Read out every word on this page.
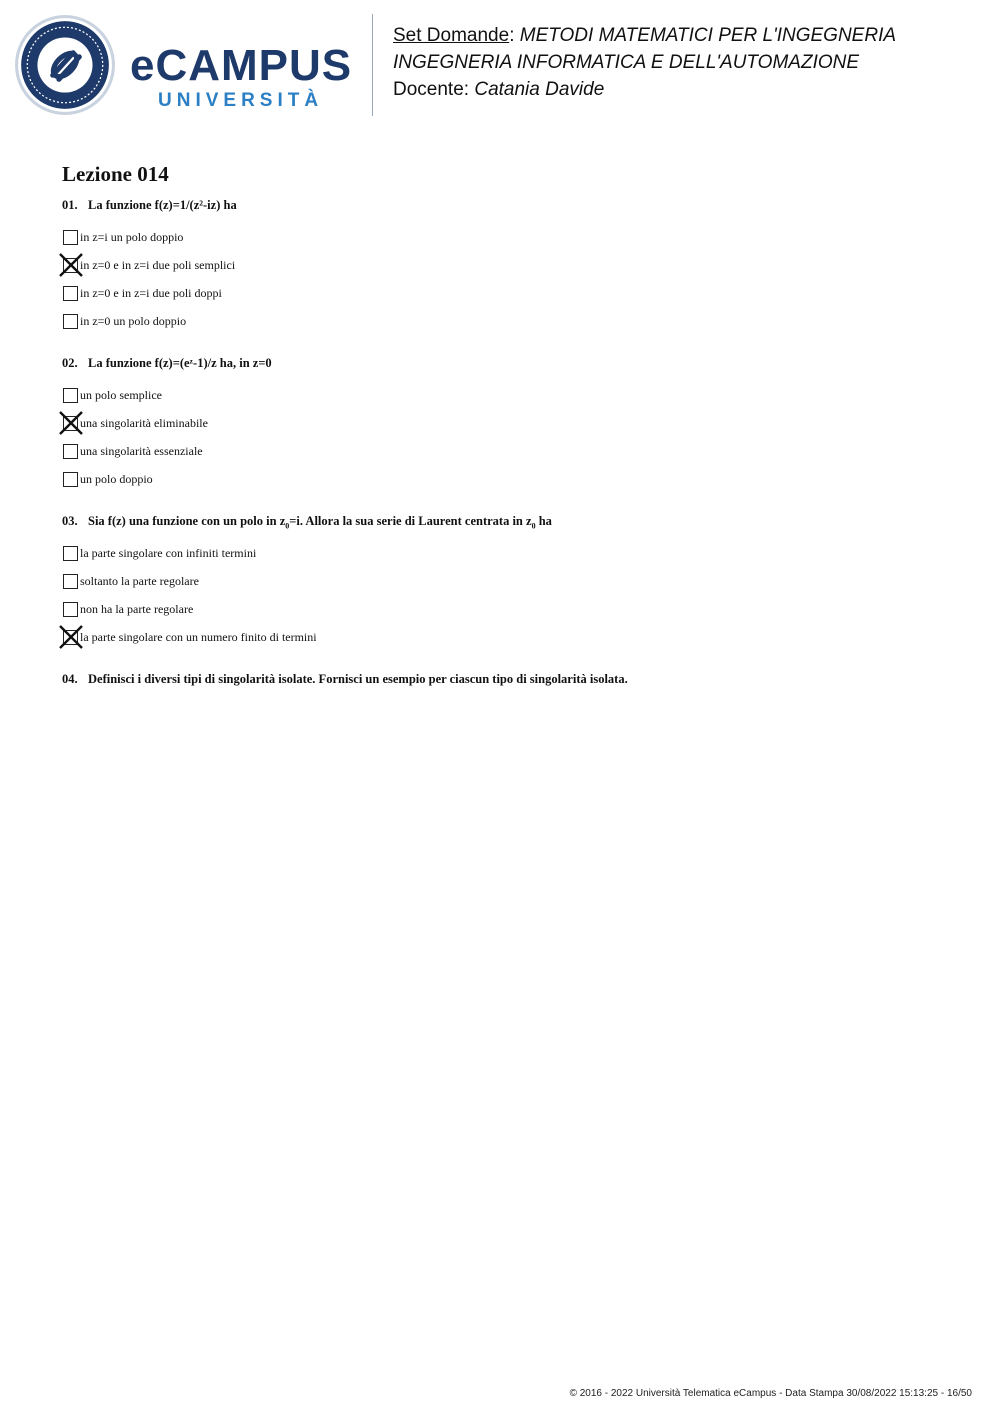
eCAMPUS
UNIVERSITÀ
Set Domande: METODI MATEMATICI PER L'INGEGNERIA
INGEGNERIA INFORMATICA E DELL'AUTOMAZIONE
Docente: Catania Davide
Lezione 014
01. La funzione f(z)=1/(z²-iz) ha
in z=i un polo doppio
in z=0 e in z=i due poli semplici
in z=0 e in z=i due poli doppi
in z=0 un polo doppio
02. La funzione f(z)=(eᶻ-1)/z ha, in z=0
un polo semplice
una singolarità eliminabile
una singolarità essenziale
un polo doppio
03. Sia f(z) una funzione con un polo in $z_0=i$. Allora la sua serie di Laurent centrata in $z_0$ ha
la parte singolare con infiniti termini
soltanto la parte regolare
non ha la parte regolare
la parte singolare con un numero finito di termini
04. Definisci i diversi tipi di singolarità isolate. Fornisci un esempio per ciascun tipo di singolarità isolata.
© 2016 - 2022 Università Telematica eCampus - Data Stampa 30/08/2022 15:13:25 - 16/50
